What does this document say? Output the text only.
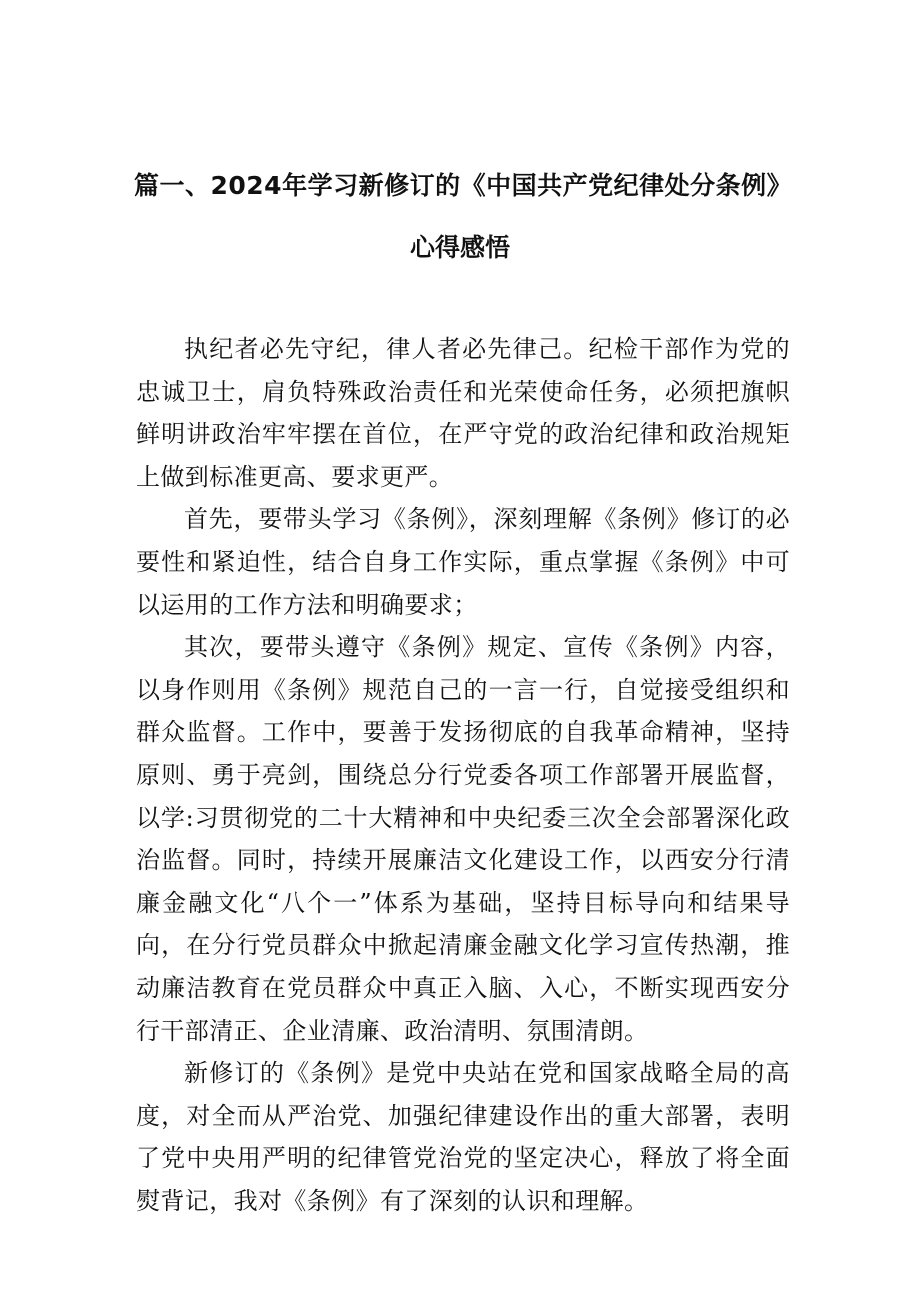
篇一、2024年学习新修订的《中国共产党纪律处分条例》
心得感悟

执纪者必先守纪，律人者必先律己。纪检干部作为党的忠诚卫士，肩负特殊政治责任和光荣使命任务，必须把旗帜鲜明讲政治牢牢摆在首位，在严守党的政治纪律和政治规矩上做到标准更高、要求更严。

首先，要带头学习《条例》，深刻理解《条例》修订的必要性和紧迫性，结合自身工作实际，重点掌握《条例》中可以运用的工作方法和明确要求；

其次，要带头遵守《条例》规定、宣传《条例》内容，以身作则用《条例》规范自己的一言一行，自觉接受组织和群众监督。工作中，要善于发扬彻底的自我革命精神，坚持原则、勇于亮剑，围绕总分行党委各项工作部署开展监督，以学:习贯彻党的二十大精神和中央纪委三次全会部署深化政治监督。同时，持续开展廉洁文化建设工作，以西安分行清廉金融文化“八个一”体系为基础，坚持目标导向和结果导向，在分行党员群众中掀起清廉金融文化学习宣传热潮，推动廉洁教育在党员群众中真正入脑、入心，不断实现西安分行干部清正、企业清廉、政治清明、氛围清朗。

新修订的《条例》是党中央站在党和国家战略全局的高度，对全而从严治党、加强纪律建设作出的重大部署，表明了党中央用严明的纪律管党治党的坚定决心，释放了将全面熨背记，我对《条例》有了深刻的认识和理解。
